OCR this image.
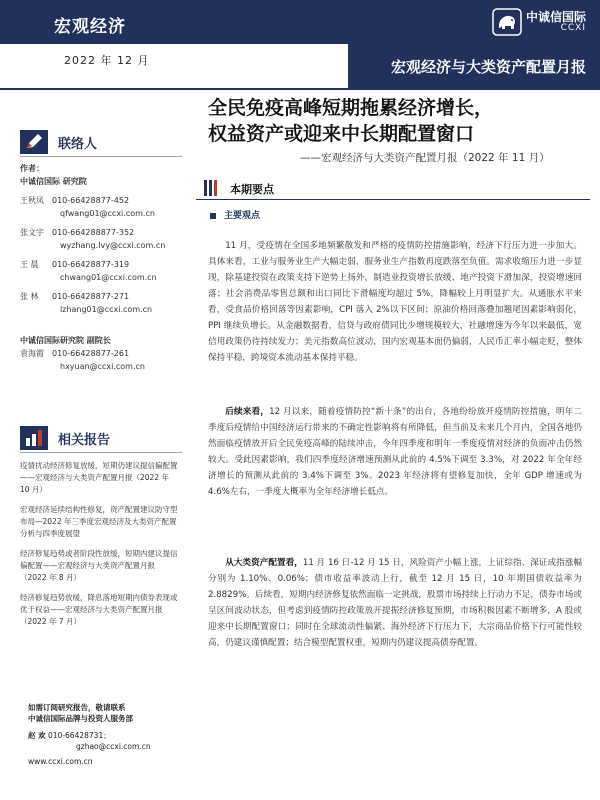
宏观经济
中诚信国际
CCXI
2022 年 12 月	宏观经济与大类资产配置月报
全民免疫高峰短期拖累经济增长，
权益资产或迎来中长期配置窗口
——宏观经济与大类资产配置月报（2022 年 11 月）
联络人
作者：
中诚信国际 研究院
王秋凤	010-66428877-452
qfwang01@ccxi.com.cn
张文宇	010-664288877-352
wyzhang.Ivy@ccxi.com.cn
王 晨	010-66428877-319
chwang01@ccxi.com.cn
张 林	010-66428877-271
lzhang01@ccxi.com.cn
中诚信国际研究院 副院长
袁海霞	010-66428877-261
hxyuan@ccxi.com.cn
相关报告
疫情扰动经济修复放缓，短期仍建议提信偏配置——宏观经济与大类资产配置月报（2022 年 10 月）
宏观经济延续结构性修复，资产配置建议防守型布局—2022 年三季度宏观经济及大类资产配置分析与四季度展望
经济修复趋势或者阶段性放缓，短期内建议提信偏配置——宏观经济与大类资产配置月报（2022 年 8 月）
经济修复趋势放缓，降息落地短期内债券表现或优于权益——宏观经济与大类资产配置月报（2022 年 7 月）
如需订阅研究报告，敬请联系
中诚信国际品牌与投资人服务部
赵 欢 010-66428731；
gzhao@ccxi.com.cn
www.ccxi.com.cn
本期要点
主要观点
11 月，受疫情在全国多地频繁散发和严格的疫情防控措施影响，经济下行压力进一步加大。具体来看，工业与服务业生产大幅走弱，服务业生产指数再度跌落至负值。需求收缩压力进一步显现，除基建投资在政策支持下逆势上扬外，制造业投资增长放缓、地产投资下滑加深，投资增速回落；社会消费品零售总额和出口同比下滑幅度均超过 5%，降幅较上月明显扩大。从通胀水平来看，受食品价格回落等因素影响，CPI 落入 2%以下区间；原油价格回落叠加翘尾因素影响弱化，PPI 继续负增长。从金融数据看，信贷与政府债同比少增规模较大，社融增速为今年以来最低，宽信用政策仍待持续发力；美元指数高位波动，国内宏观基本面仍偏弱，人民币汇率小幅走贬，整体保持平稳，跨境资本流动基本保持平稳。
后续来看，12 月以来，随着疫情防控“新十条”的出台，各地纷纷放开疫情防控措施，明年二季度后疫情给中国经济运行带来的不确定性影响将有所降低，但当前及未来几个月内，全国各地仍然面临疫情放开后全民免疫高峰的陆续冲击，今年四季度和明年一季度疫情对经济的负面冲击仍然较大。受此因素影响，我们四季度经济增速预测从此前的 4.5%下调至 3.3%，对 2022 年全年经济增长的预测从此前的 3.4%下调至 3%。2023 年经济将有望修复加快，全年 GDP 增速或为 4.6%左右，一季度大概率为全年经济增长低点。
从大类资产配置看，11 月 16 日-12 月 15 日，风险资产小幅上涨，上证综指、深证成指涨幅分别为 1.10%、0.06%；债市收益率波动上行，截至 12 月 15 日，10 年期国债收益率为 2.8829%。后续看，短期内经济修复依然面临一定挑战，股票市场持续上行动力不足，债券市场或呈区间波动状态，但考虑到疫情防控政策放开提振经济修复预期，市场积极因素不断增多，A 股或迎来中长期配置窗口；同时在全球流动性偏紧、海外经济下行压力下，大宗商品价格下行可能性较高，仍建议谨慎配置；结合模型配置权重，短期内仍建议提高债券配置。
